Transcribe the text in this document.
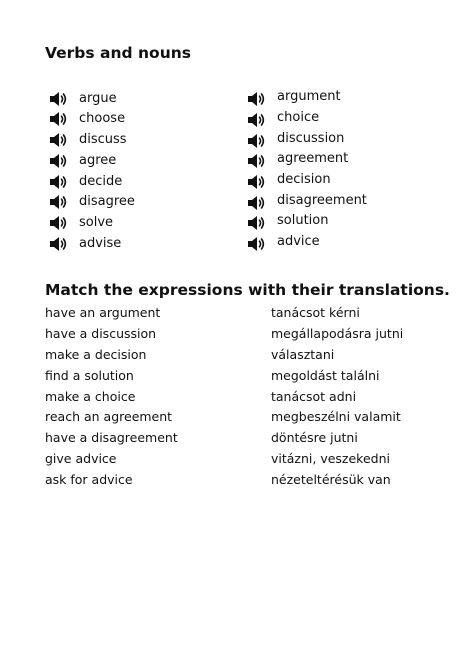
Verbs and nouns
argue
choose
discuss
agree
decide
disagree
solve
advise
argument
choice
discussion
agreement
decision
disagreement
solution
advice
Match the expressions with their translations.
have an argument
have a discussion
make a decision
find a solution
make a choice
reach an agreement
have a disagreement
give advice
ask for advice
tanácsot kérni
megállapodásra jutni
választani
megoldást találni
tanácsot adni
megbeszélni valamit
döntésre jutni
vitázni, veszekedni
nézeteltérésük van
